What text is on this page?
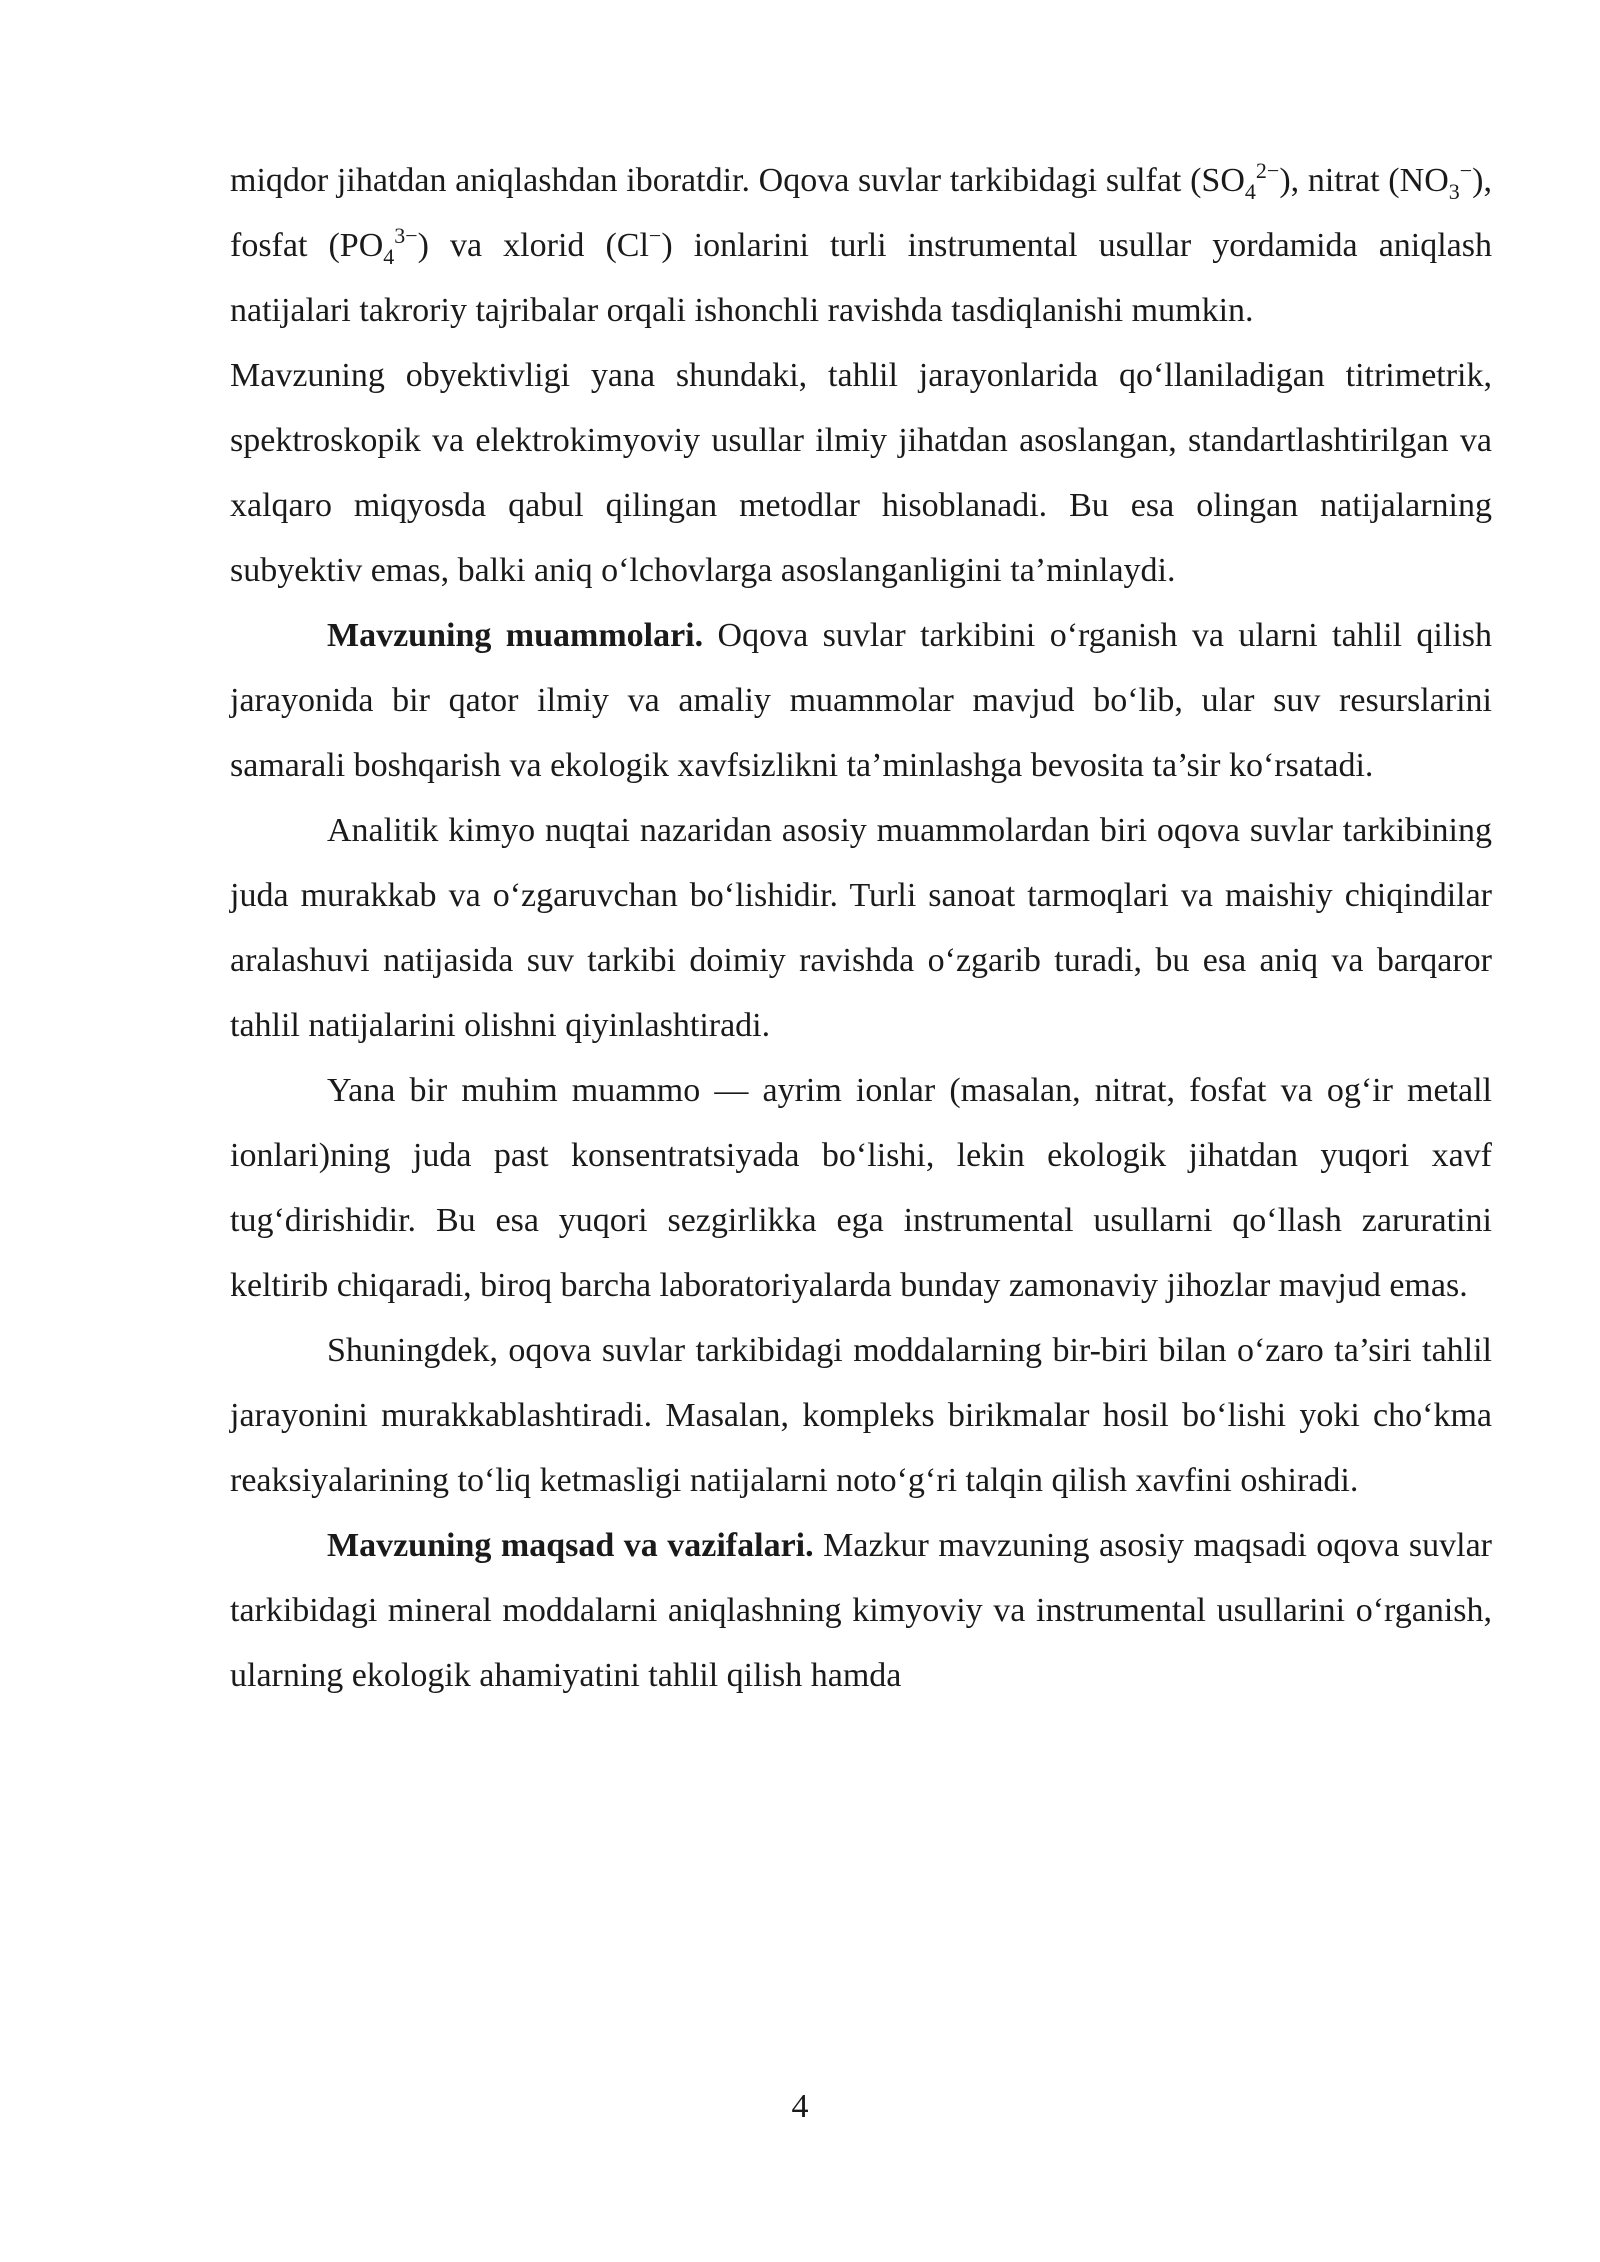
miqdor jihatdan aniqlashdan iboratdir. Oqova suvlar tarkibidagi sulfat $(SO_4^{2-})$, nitrat $(NO_3^-)$, fosfat $(PO_4^{3-})$ va xlorid (Cl−) ionlarini turli instrumental usullar yordamida aniqlash natijalari takroriy tajribalar orqali ishonchli ravishda tasdiqlanishi mumkin.

Mavzuning obyektivligi yana shundaki, tahlil jarayonlarida qo‘llaniladigan titrimetrik, spektroskopik va elektrokimyoviy usullar ilmiy jihatdan asoslangan, standartlashtirilgan va xalqaro miqyosda qabul qilingan metodlar hisoblanadi. Bu esa olingan natijalarning subyektiv emas, balki aniq o‘lchovlarga asoslanganligini ta’minlaydi.

Mavzuning muammolari. Oqova suvlar tarkibini o‘rganish va ularni tahlil qilish jarayonida bir qator ilmiy va amaliy muammolar mavjud bo‘lib, ular suv resurslarini samarali boshqarish va ekologik xavfsizlikni ta’minlashga bevosita ta’sir ko‘rsatadi.

Analitik kimyo nuqtai nazaridan asosiy muammolardan biri oqova suvlar tarkibining juda murakkab va o‘zgaruvchan bo‘lishidir. Turli sanoat tarmoqlari va maishiy chiqindilar aralashuvi natijasida suv tarkibi doimiy ravishda o‘zgarib turadi, bu esa aniq va barqaror tahlil natijalarini olishni qiyinlashtiradi.

Yana bir muhim muammo — ayrim ionlar (masalan, nitrat, fosfat va og‘ir metall ionlari)ning juda past konsentratsiyada bo‘lishi, lekin ekologik jihatdan yuqori xavf tug‘dirishidir. Bu esa yuqori sezgirlikka ega instrumental usullarni qo‘llash zaruratini keltirib chiqaradi, biroq barcha laboratoriyalarda bunday zamonaviy jihozlar mavjud emas.

Shuningdek, oqova suvlar tarkibidagi moddalarning bir-biri bilan o‘zaro ta’siri tahlil jarayonini murakkablashtiradi. Masalan, kompleks birikmalar hosil bo‘lishi yoki cho‘kma reaksiyalarining to‘liq ketmasligi natijalarni noto‘g‘ri talqin qilish xavfini oshiradi.

Mavzuning maqsad va vazifalari. Mazkur mavzuning asosiy maqsadi oqova suvlar tarkibidagi mineral moddalarni aniqlashning kimyoviy va instrumental usullarini o‘rganish, ularning ekologik ahamiyatini tahlil qilish hamda

4
